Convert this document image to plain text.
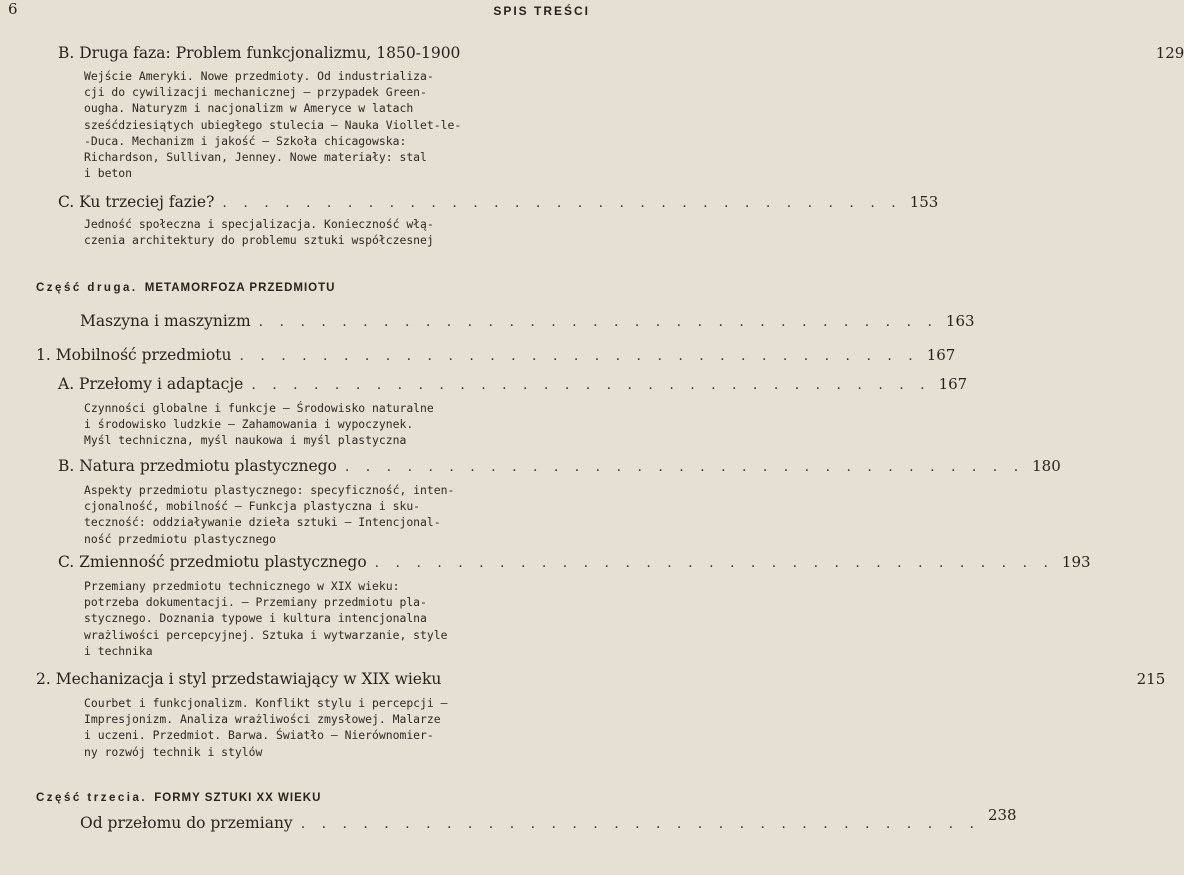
6	SPIS TREŚCI
B. Druga faza: Problem funkcjonalizmu, 1850-1900	129
Wejście Ameryki. Nowe przedmioty. Od industrializa-
cji do cywilizacji mechanicznej — przypadek Green-
ougha. Naturyzm i nacjonalizm w Ameryce w latach
sześćdziesiątych ubiegłego stulecia — Nauka Viollet-le-
-Duca. Mechanizm i jakość — Szkoła chicagowska:
Richardson, Sullivan, Jenney. Nowe materiały: stal
i beton
C. Ku trzeciej fazie? . . . . . . . . . . . . . . . . . . . . . . . . . . . . . . . . . 153
Jedność społeczna i specjalizacja. Konieczność włą-
czenia architektury do problemu sztuki współczesnej
Część druga. METAMORFOZA PRZEDMIOTU
Maszyna i maszynizm . . . . . . . . . . . . . . . . . . . . . . . . . . . . . . . . . 163
1. Mobilność przedmiotu . . . . . . . . . . . . . . . . . . . . . . . . . . . . . . . . . 167
A. Przełomy i adaptacje . . . . . . . . . . . . . . . . . . . . . . . . . . . . . . . . . 167
Czynności globalne i funkcje — Środowisko naturalne
i środowisko ludzkie — Zahamowania i wypoczynek.
Myśl techniczna, myśl naukowa i myśl plastyczna
B. Natura przedmiotu plastycznego . . . . . . . . . . . . . . . . . . . . . . . . . . . . . . . . . 180
Aspekty przedmiotu plastycznego: specyficzność, inten-
cjonalność, mobilność — Funkcja plastyczna i sku-
teczność: oddziaływanie dzieła sztuki — Intencjonal-
ność przedmiotu plastycznego
C. Zmienność przedmiotu plastycznego . . . . . . . . . . . . . . . . . . . . . . . . . . . . . . . . . 193
Przemiany przedmiotu technicznego w XIX wieku:
potrzeba dokumentacji. — Przemiany przedmiotu pla-
stycznego. Doznania typowe i kultura intencjonalna
wrażliwości percepcyjnej. Sztuka i wytwarzanie, style
i technika
2. Mechanizacja i styl przedstawiający w XIX wieku	215
Courbet i funkcjonalizm. Konflikt stylu i percepcji —
Impresjonizm. Analiza wrażliwości zmysłowej. Malarze
i uczeni. Przedmiot. Barwa. Światło — Nierównomier-
ny rozwój technik i stylów
Część trzecia. FORMY SZTUKI XX WIEKU
Od przełomu do przemiany . . . . . . . . . . . . . . . . . . . . . . . . . . . . . . . . . 238
